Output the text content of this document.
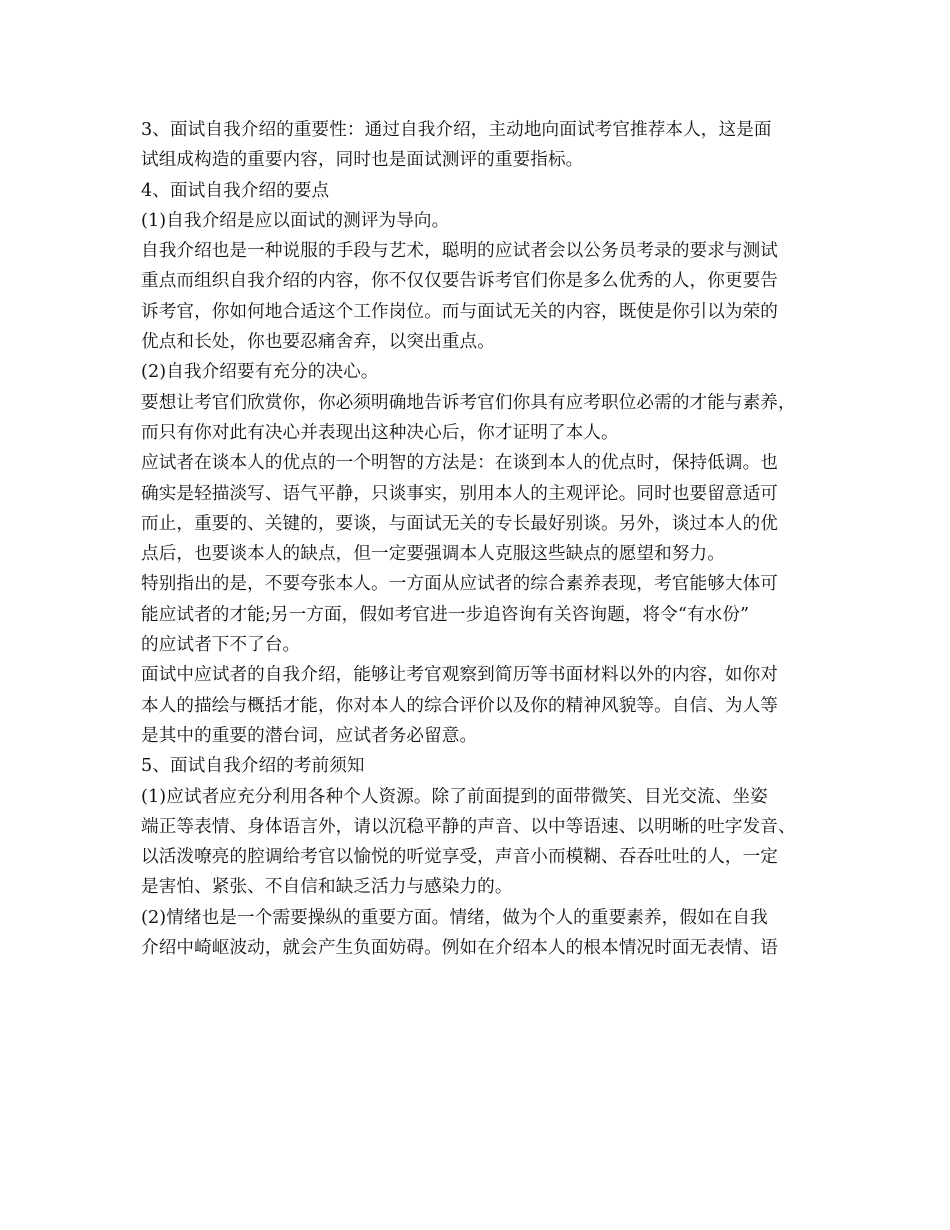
3、面试自我介绍的重要性：通过自我介绍，主动地向面试考官推荐本人，这是面
试组成构造的重要内容，同时也是面试测评的重要指标。
4、面试自我介绍的要点
(1)自我介绍是应以面试的测评为导向。
自我介绍也是一种说服的手段与艺术，聪明的应试者会以公务员考录的要求与测试
重点而组织自我介绍的内容，你不仅仅要告诉考官们你是多么优秀的人，你更要告
诉考官，你如何地合适这个工作岗位。而与面试无关的内容，既使是你引以为荣的
优点和长处，你也要忍痛舍弃，以突出重点。
(2)自我介绍要有充分的决心。
要想让考官们欣赏你，你必须明确地告诉考官们你具有应考职位必需的才能与素养，
而只有你对此有决心并表现出这种决心后，你才证明了本人。
应试者在谈本人的优点的一个明智的方法是：在谈到本人的优点时，保持低调。也
确实是轻描淡写、语气平静，只谈事实，别用本人的主观评论。同时也要留意适可
而止，重要的、关键的，要谈，与面试无关的专长最好别谈。另外，谈过本人的优
点后，也要谈本人的缺点，但一定要强调本人克服这些缺点的愿望和努力。
特别指出的是，不要夸张本人。一方面从应试者的综合素养表现，考官能够大体可
能应试者的才能;另一方面，假如考官进一步追咨询有关咨询题，将令“有水份”
的应试者下不了台。
面试中应试者的自我介绍，能够让考官观察到简历等书面材料以外的内容，如你对
本人的描绘与概括才能，你对本人的综合评价以及你的精神风貌等。自信、为人等
是其中的重要的潜台词，应试者务必留意。
5、面试自我介绍的考前须知
(1)应试者应充分利用各种个人资源。除了前面提到的面带微笑、目光交流、坐姿
端正等表情、身体语言外，请以沉稳平静的声音、以中等语速、以明晰的吐字发音、
以活泼嘹亮的腔调给考官以愉悦的听觉享受，声音小而模糊、吞吞吐吐的人，一定
是害怕、紧张、不自信和缺乏活力与感染力的。
(2)情绪也是一个需要操纵的重要方面。情绪，做为个人的重要素养，假如在自我
介绍中崎岖波动，就会产生负面妨碍。例如在介绍本人的根本情况时面无表情、语
